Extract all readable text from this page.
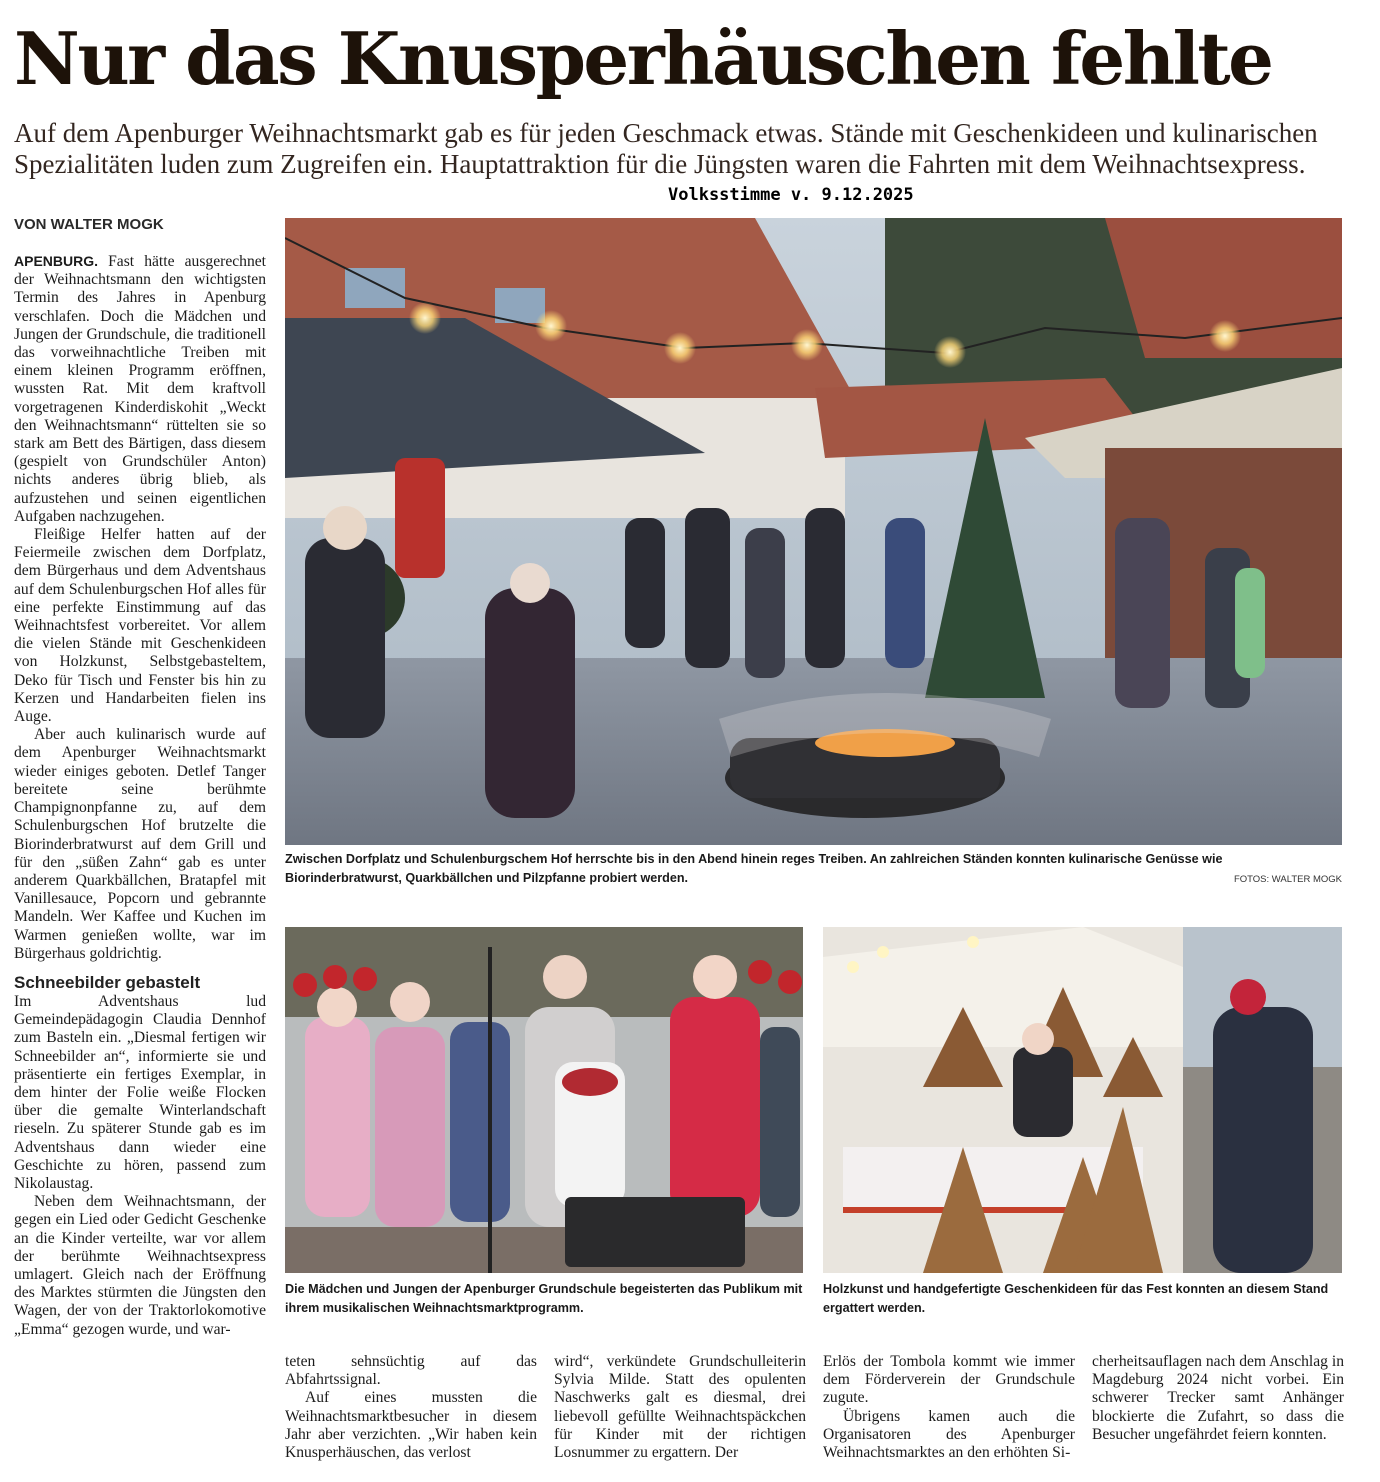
Nur das Knusperhäuschen fehlte
Auf dem Apenburger Weihnachtsmarkt gab es für jeden Geschmack etwas. Stände mit Geschenkideen und kulinarischen Spezialitäten luden zum Zugreifen ein. Hauptattraktion für die Jüngsten waren die Fahrten mit dem Weihnachtsexpress.
Volksstimme v. 9.12.2025
VON WALTER MOGK

APENBURG. Fast hätte ausgerechnet der Weihnachtsmann den wichtigsten Termin des Jahres in Apenburg verschlafen. Doch die Mädchen und Jungen der Grundschule, die traditionell das vorweihnachtliche Treiben mit einem kleinen Programm eröffnen, wussten Rat. Mit dem kraftvoll vorgetragenen Kinderdiskohit „Weckt den Weihnachtsmann“ rüttelten sie so stark am Bett des Bärtigen, dass diesem (gespielt von Grundschüler Anton) nichts anderes übrig blieb, als aufzustehen und seinen eigentlichen Aufgaben nachzugehen.

Fleißige Helfer hatten auf der Feiermeile zwischen dem Dorfplatz, dem Bürgerhaus und dem Adventshaus auf dem Schulenburgschen Hof alles für eine perfekte Einstimmung auf das Weihnachtsfest vorbereitet. Vor allem die vielen Stände mit Geschenkideen von Holzkunst, Selbstgebasteltem, Deko für Tisch und Fenster bis hin zu Kerzen und Handarbeiten fielen ins Auge.

Aber auch kulinarisch wurde auf dem Apenburger Weihnachtsmarkt wieder einiges geboten. Detlef Tanger bereitete seine berühmte Champignonpfanne zu, auf dem Schulenburgschen Hof brutzelte die Biorinderbratwurst auf dem Grill und für den „süßen Zahn“ gab es unter anderem Quarkbällchen, Bratapfel mit Vanillesauce, Popcorn und gebrannte Mandeln. Wer Kaffee und Kuchen im Warmen genießen wollte, war im Bürgerhaus goldrichtig.

Schneebilder gebastelt

Im Adventshaus lud Gemeindepädagogin Claudia Dennhof zum Basteln ein. „Diesmal fertigen wir Schneebilder an“, informierte sie und präsentierte ein fertiges Exemplar, in dem hinter der Folie weiße Flocken über die gemalte Winterlandschaft rieseln. Zu späterer Stunde gab es im Adventshaus dann wieder eine Geschichte zu hören, passend zum Nikolaustag.

Neben dem Weihnachtsmann, der gegen ein Lied oder Gedicht Geschenke an die Kinder verteilte, war vor allem der berühmte Weihnachtsexpress umlagert. Gleich nach der Eröffnung des Marktes stürmten die Jüngsten den Wagen, der von der Traktorlokomotive „Emma“ gezogen wurde, und war-

Zwischen Dorfplatz und Schulenburgschem Hof herrschte bis in den Abend hinein reges Treiben. An zahlreichen Ständen konnten kulinarische Genüsse wie Biorinderbratwurst, Quarkbällchen und Pilzpfanne probiert werden.	FOTOS: WALTER MOGK
Die Mädchen und Jungen der Apenburger Grundschule begeisterten das Publikum mit ihrem musikalischen Weihnachtsmarktprogramm.
Holzkunst und handgefertigte Geschenkideen für das Fest konnten an diesem Stand ergattert werden.

teten sehnsüchtig auf das Abfahrtssignal.

Auf eines mussten die Weihnachtsmarktbesucher in diesem Jahr aber verzichten. „Wir haben kein Knusperhäuschen, das verlost

wird“, verkündete Grundschulleiterin Sylvia Milde. Statt des opulenten Naschwerks galt es diesmal, drei liebevoll gefüllte Weihnachtspäckchen für Kinder mit der richtigen Losnummer zu ergattern. Der

Erlös der Tombola kommt wie immer dem Förderverein der Grundschule zugute.

Übrigens kamen auch die Organisatoren des Apenburger Weihnachtsmarktes an den erhöhten Si-

cherheitsauflagen nach dem Anschlag in Magdeburg 2024 nicht vorbei. Ein schwerer Trecker samt Anhänger blockierte die Zufahrt, so dass die Besucher ungefährdet feiern konnten.
